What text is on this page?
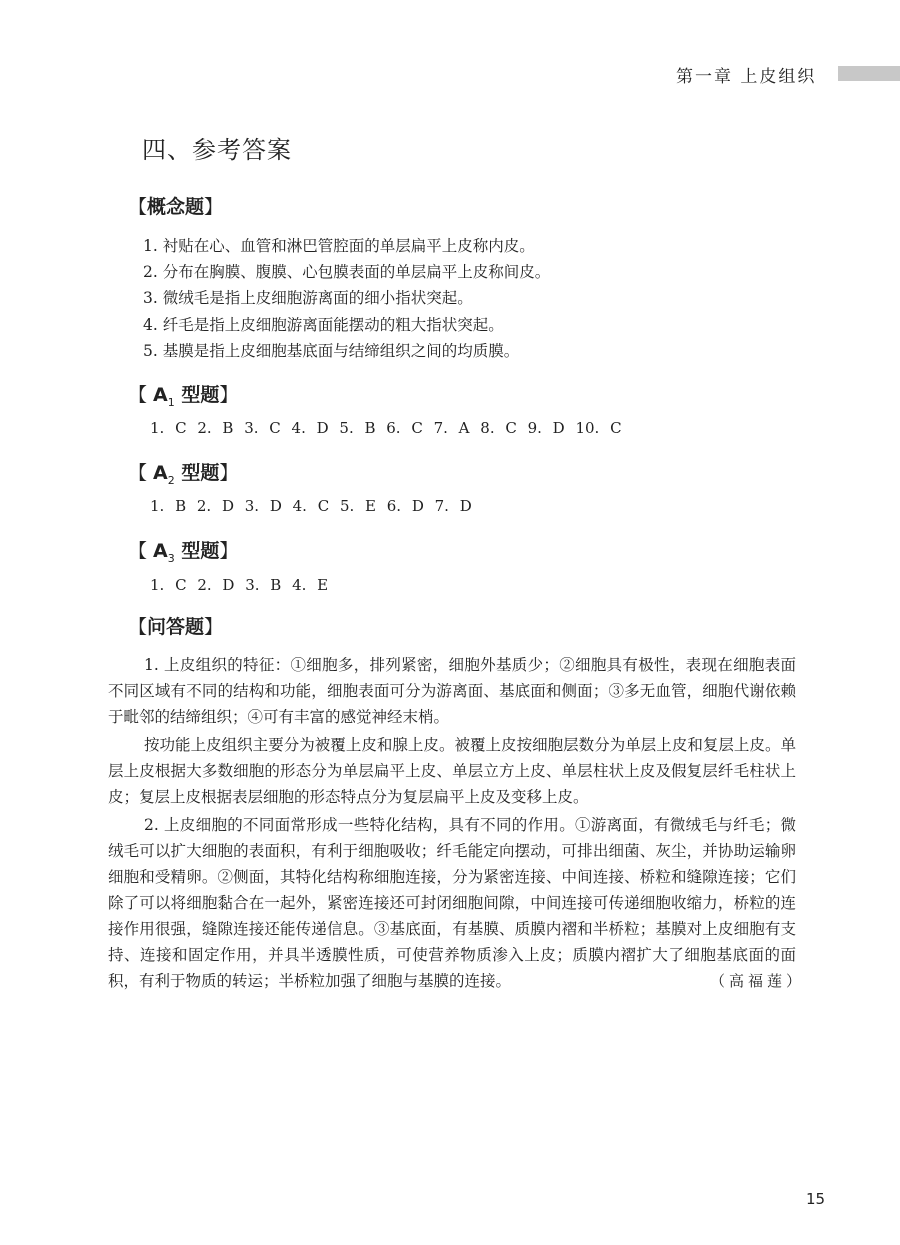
第一章 上皮组织
四、参考答案
【概念题】
1. 衬贴在心、血管和淋巴管腔面的单层扁平上皮称内皮。
2. 分布在胸膜、腹膜、心包膜表面的单层扁平上皮称间皮。
3. 微绒毛是指上皮细胞游离面的细小指状突起。
4. 纤毛是指上皮细胞游离面能摆动的粗大指状突起。
5. 基膜是指上皮细胞基底面与结缔组织之间的均质膜。
【 $A_1$ 型题】
1. C 2. B 3. C 4. D 5. B 6. C 7. A 8. C 9. D 10. C
【 $A_2$ 型题】
1. B 2. D 3. D 4. C 5. E 6. D 7. D
【 $A_3$ 型题】
1. C 2. D 3. B 4. E
【问答题】
1. 上皮组织的特征：①细胞多，排列紧密，细胞外基质少；②细胞具有极性，表现在细胞表面不同区域有不同的结构和功能，细胞表面可分为游离面、基底面和侧面；③多无血管，细胞代谢依赖于毗邻的结缔组织；④可有丰富的感觉神经末梢。
按功能上皮组织主要分为被覆上皮和腺上皮。被覆上皮按细胞层数分为单层上皮和复层上皮。单层上皮根据大多数细胞的形态分为单层扁平上皮、单层立方上皮、单层柱状上皮及假复层纤毛柱状上皮；复层上皮根据表层细胞的形态特点分为复层扁平上皮及变移上皮。
2. 上皮细胞的不同面常形成一些特化结构，具有不同的作用。①游离面，有微绒毛与纤毛；微绒毛可以扩大细胞的表面积，有利于细胞吸收；纤毛能定向摆动，可排出细菌、灰尘，并协助运输卵细胞和受精卵。②侧面，其特化结构称细胞连接，分为紧密连接、中间连接、桥粒和缝隙连接；它们除了可以将细胞黏合在一起外，紧密连接还可封闭细胞间隙，中间连接可传递细胞收缩力，桥粒的连接作用很强，缝隙连接还能传递信息。③基底面，有基膜、质膜内褶和半桥粒；基膜对上皮细胞有支持、连接和固定作用，并具半透膜性质，可使营养物质渗入上皮；质膜内褶扩大了细胞基底面的面积，有利于物质的转运；半桥粒加强了细胞与基膜的连接。	（高福莲）
15
